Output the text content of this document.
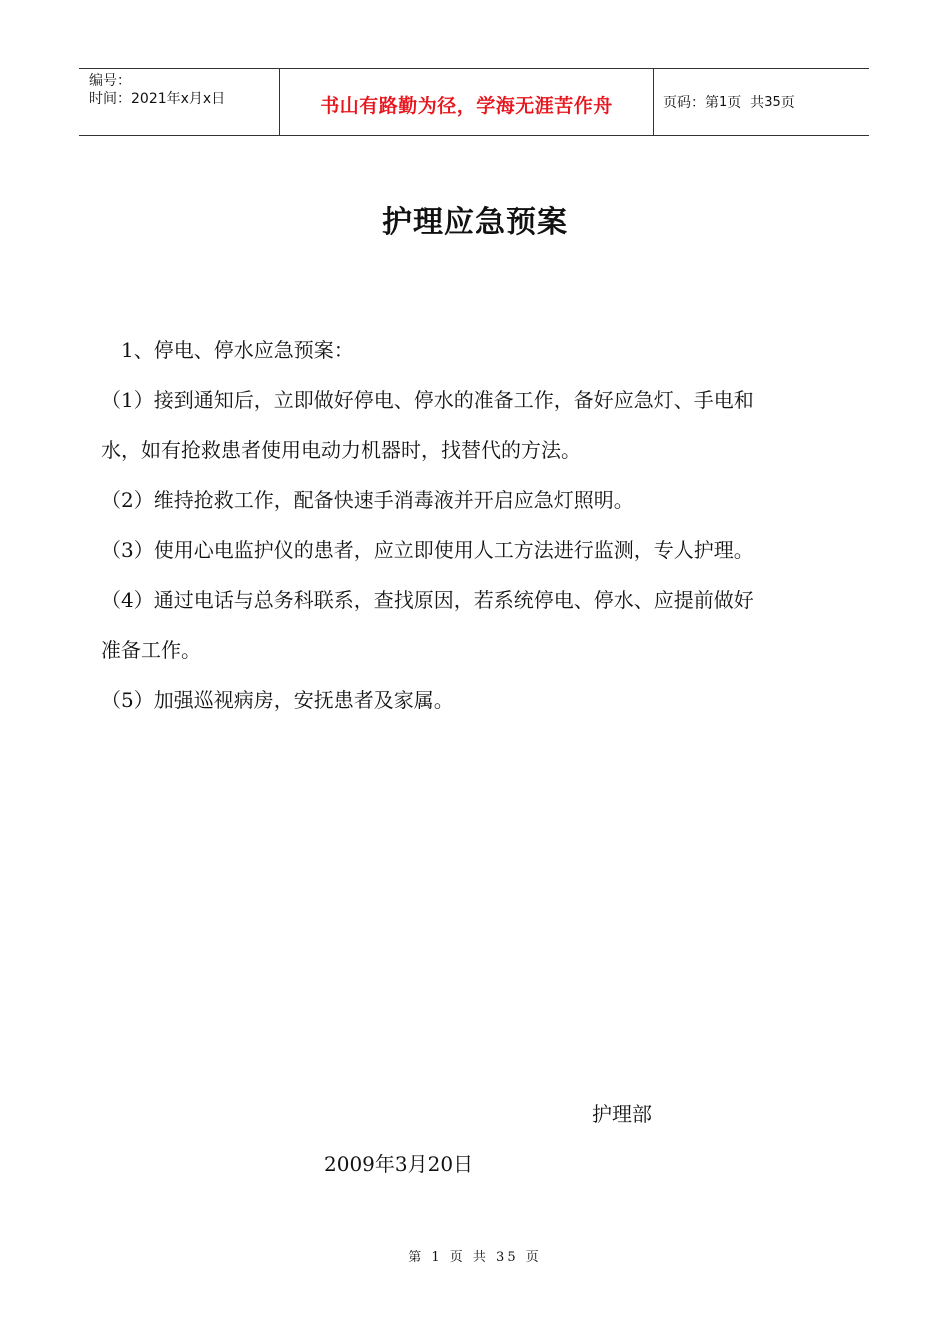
编号：
时间：2021年x月x日	书山有路勤为径，学海无涯苦作舟	页码：第 1 页  共 35 页
护理应急预案

1、停电、停水应急预案：

（1）接到通知后，立即做好停电、停水的准备工作，备好应急灯、手电和

水，如有抢救患者使用电动力机器时，找替代的方法。

（2）维持抢救工作，配备快速手消毒液并开启应急灯照明。

（3）使用心电监护仪的患者，应立即使用人工方法进行监测，专人护理。

（4）通过电话与总务科联系，查找原因，若系统停电、停水、应提前做好

准备工作。

（5）加强巡视病房，安抚患者及家属。

护理部
2009年3月20日
第 1 页 共 35 页
